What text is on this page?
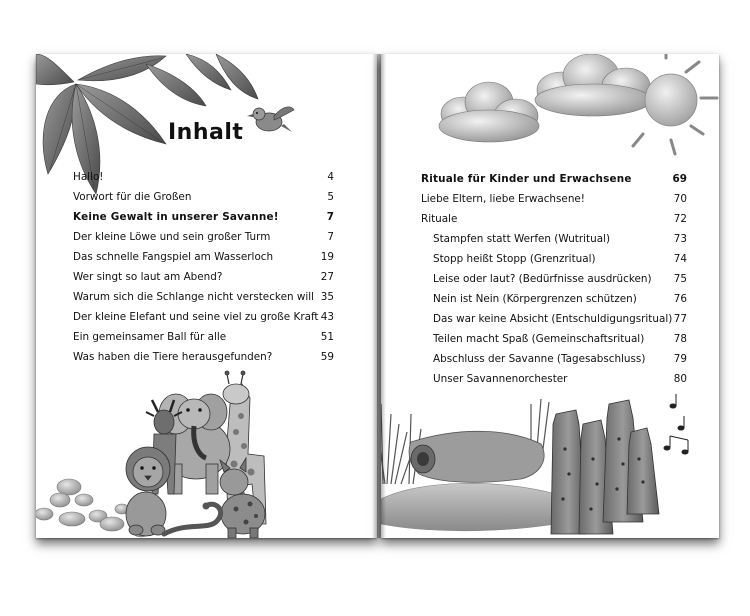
Inhalt
Hallo!	4
Vorwort für die Großen	5
Keine Gewalt in unserer Savanne!	7
Der kleine Löwe und sein großer Turm	7
Das schnelle Fangspiel am Wasserloch	19
Wer singt so laut am Abend?	27
Warum sich die Schlange nicht verstecken will 35
Der kleine Elefant und seine viel zu große Kraft 43
Ein gemeinsamer Ball für alle	51
Was haben die Tiere herausgefunden?	59
Rituale für Kinder und Erwachsene	69
Liebe Eltern, liebe Erwachsene!	70
Rituale	72
Stampfen statt Werfen (Wutritual)	73
Stopp heißt Stopp (Grenzritual)	74
Leise oder laut? (Bedürfnisse ausdrücken) 75
Nein ist Nein (Körpergrenzen schützen)	76
Das war keine Absicht (Entschuldigungsritual) 77
Teilen macht Spaß (Gemeinschaftsritual)	78
Abschluss der Savanne (Tagesabschluss)	79
Unser Savannenorchester	80
